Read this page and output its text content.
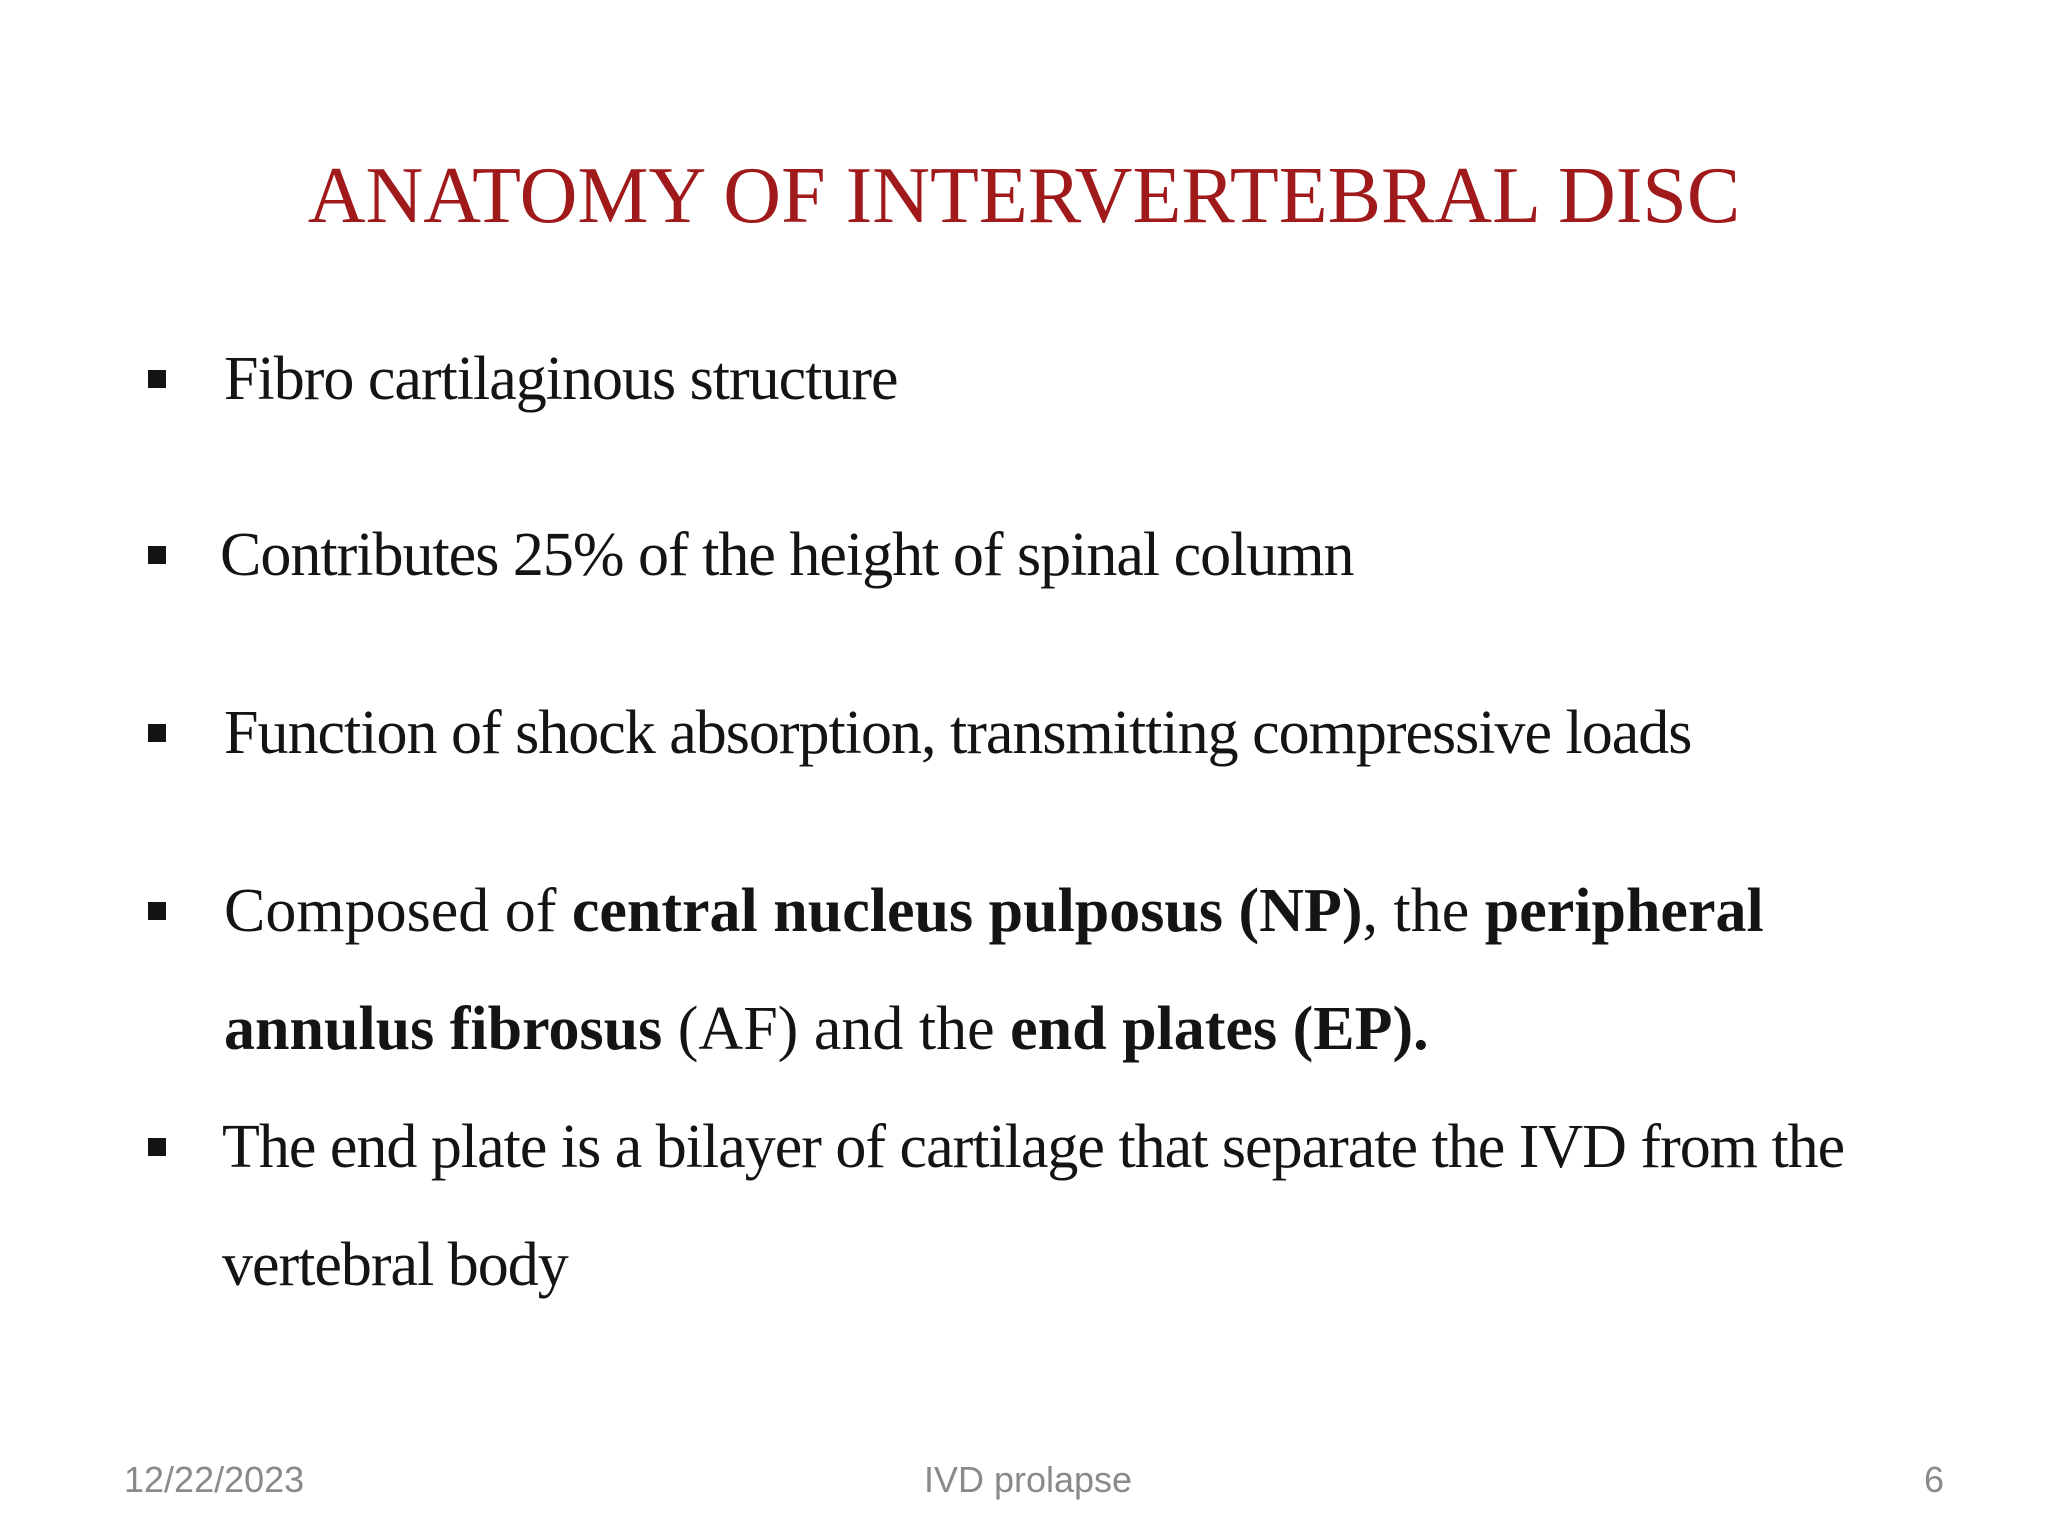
ANATOMY OF INTERVERTEBRAL DISC

Fibro cartilaginous structure

Contributes 25% of the height of spinal column

Function of shock absorption, transmitting compressive loads

Composed of central nucleus pulposus (NP), the peripheral

annulus fibrosus (AF) and the end plates (EP).

The end plate is a bilayer of cartilage that separate the IVD from the

vertebral body

12/22/2023	IVD prolapse	6
